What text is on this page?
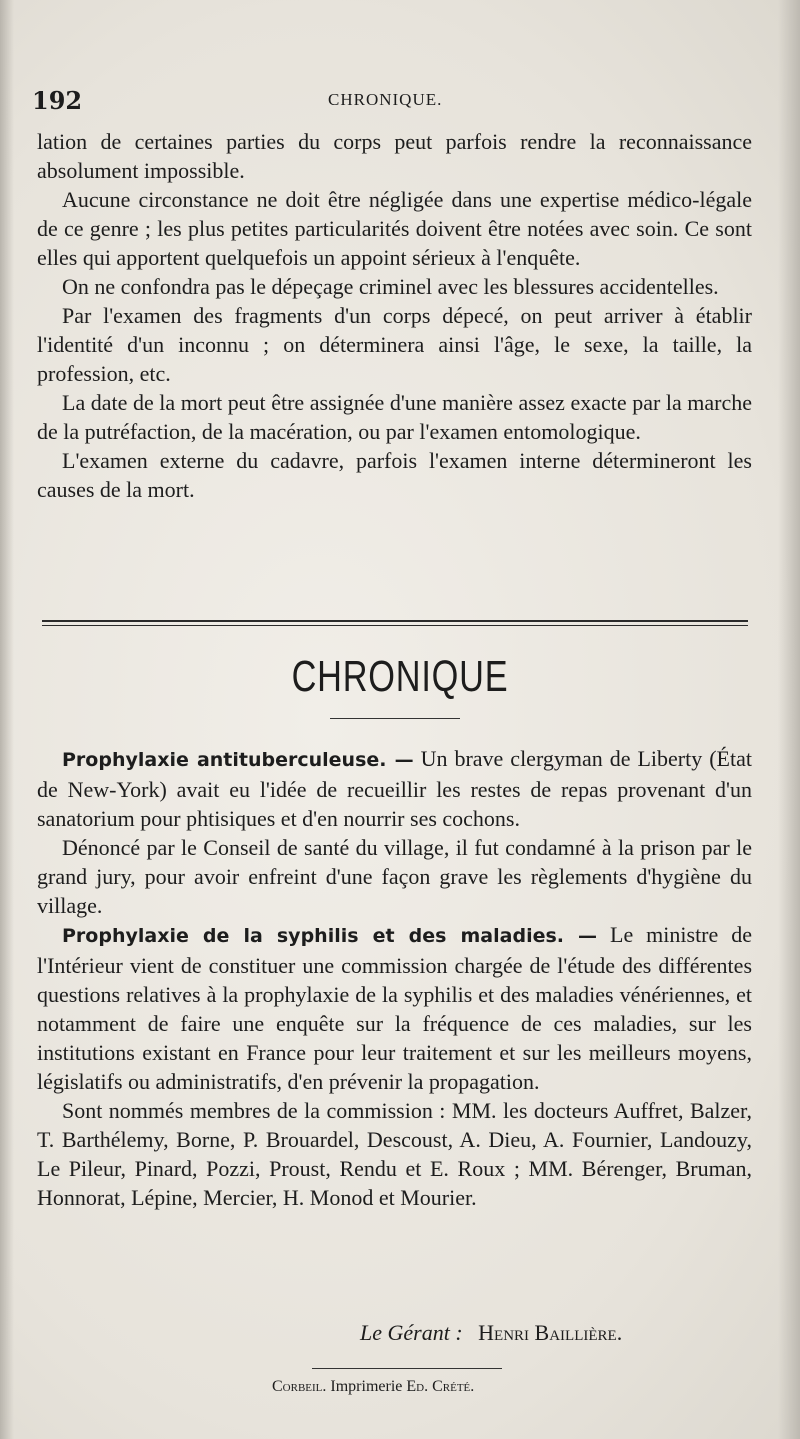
192	CHRONIQUE.

lation de certaines parties du corps peut parfois rendre la reconnaissance absolument impossible.

Aucune circonstance ne doit être négligée dans une expertise médico-légale de ce genre ; les plus petites particularités doivent être notées avec soin. Ce sont elles qui apportent quelquefois un appoint sérieux à l'enquête.

On ne confondra pas le dépeçage criminel avec les blessures accidentelles.

Par l'examen des fragments d'un corps dépecé, on peut arriver à établir l'identité d'un inconnu ; on déterminera ainsi l'âge, le sexe, la taille, la profession, etc.

La date de la mort peut être assignée d'une manière assez exacte par la marche de la putréfaction, de la macération, ou par l'examen entomologique.

L'examen externe du cadavre, parfois l'examen interne détermineront les causes de la mort.

CHRONIQUE

Prophylaxie antituberculeuse. — Un brave clergyman de Liberty (État de New-York) avait eu l'idée de recueillir les restes de repas provenant d'un sanatorium pour phtisiques et d'en nourrir ses cochons.

Dénoncé par le Conseil de santé du village, il fut condamné à la prison par le grand jury, pour avoir enfreint d'une façon grave les règlements d'hygiène du village.

Prophylaxie de la syphilis et des maladies. — Le ministre de l'Intérieur vient de constituer une commission chargée de l'étude des différentes questions relatives à la prophylaxie de la syphilis et des maladies vénériennes, et notamment de faire une enquête sur la fréquence de ces maladies, sur les institutions existant en France pour leur traitement et sur les meilleurs moyens, législatifs ou administratifs, d'en prévenir la propagation.

Sont nommés membres de la commission : MM. les docteurs Auffret, Balzer, T. Barthélemy, Borne, P. Brouardel, Descoust, A. Dieu, A. Fournier, Landouzy, Le Pileur, Pinard, Pozzi, Proust, Rendu et E. Roux ; MM. Bérenger, Bruman, Honnorat, Lépine, Mercier, H. Monod et Mourier.

Le Gérant : Henri Baillière.
Corbeil. Imprimerie Ed. Crété.
